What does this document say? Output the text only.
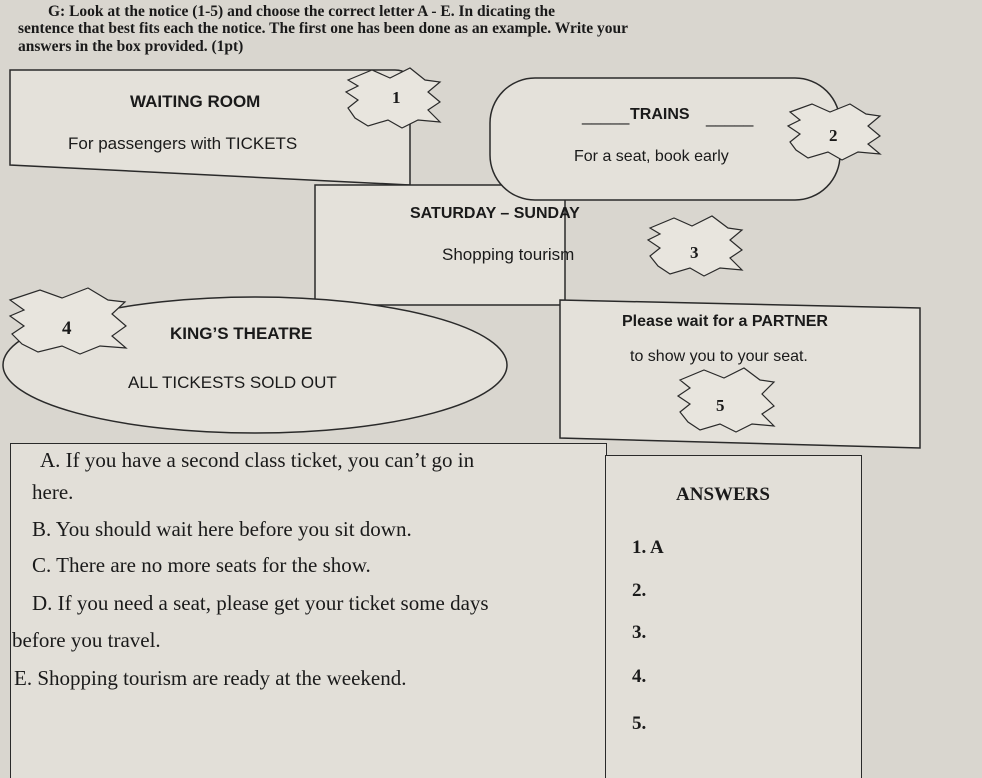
G: Look at the notice (1-5) and choose the correct letter A - E. In dicating the
sentence that best fits each the notice. The first one has been done as an example. Write your
answers in the box provided. (1pt)
WAITING ROOM
For passengers with TICKETS
1
_____ TRAINS _____
For a seat, book early
2
SATURDAY – SUNDAY
Shopping tourism	3
4	KING’S THEATRE
ALL TICKESTS SOLD OUT
Please wait for a PARTNER
to show you to your seat.
5
A. If you have a second class ticket, you can’t go in
here.
B. You should wait here before you sit down.
C. There are no more seats for the show.
D. If you need a seat, please get your ticket some days
before you travel.
E. Shopping tourism are ready at the weekend.
ANSWERS
1. A
2.
3.
4.
5.
